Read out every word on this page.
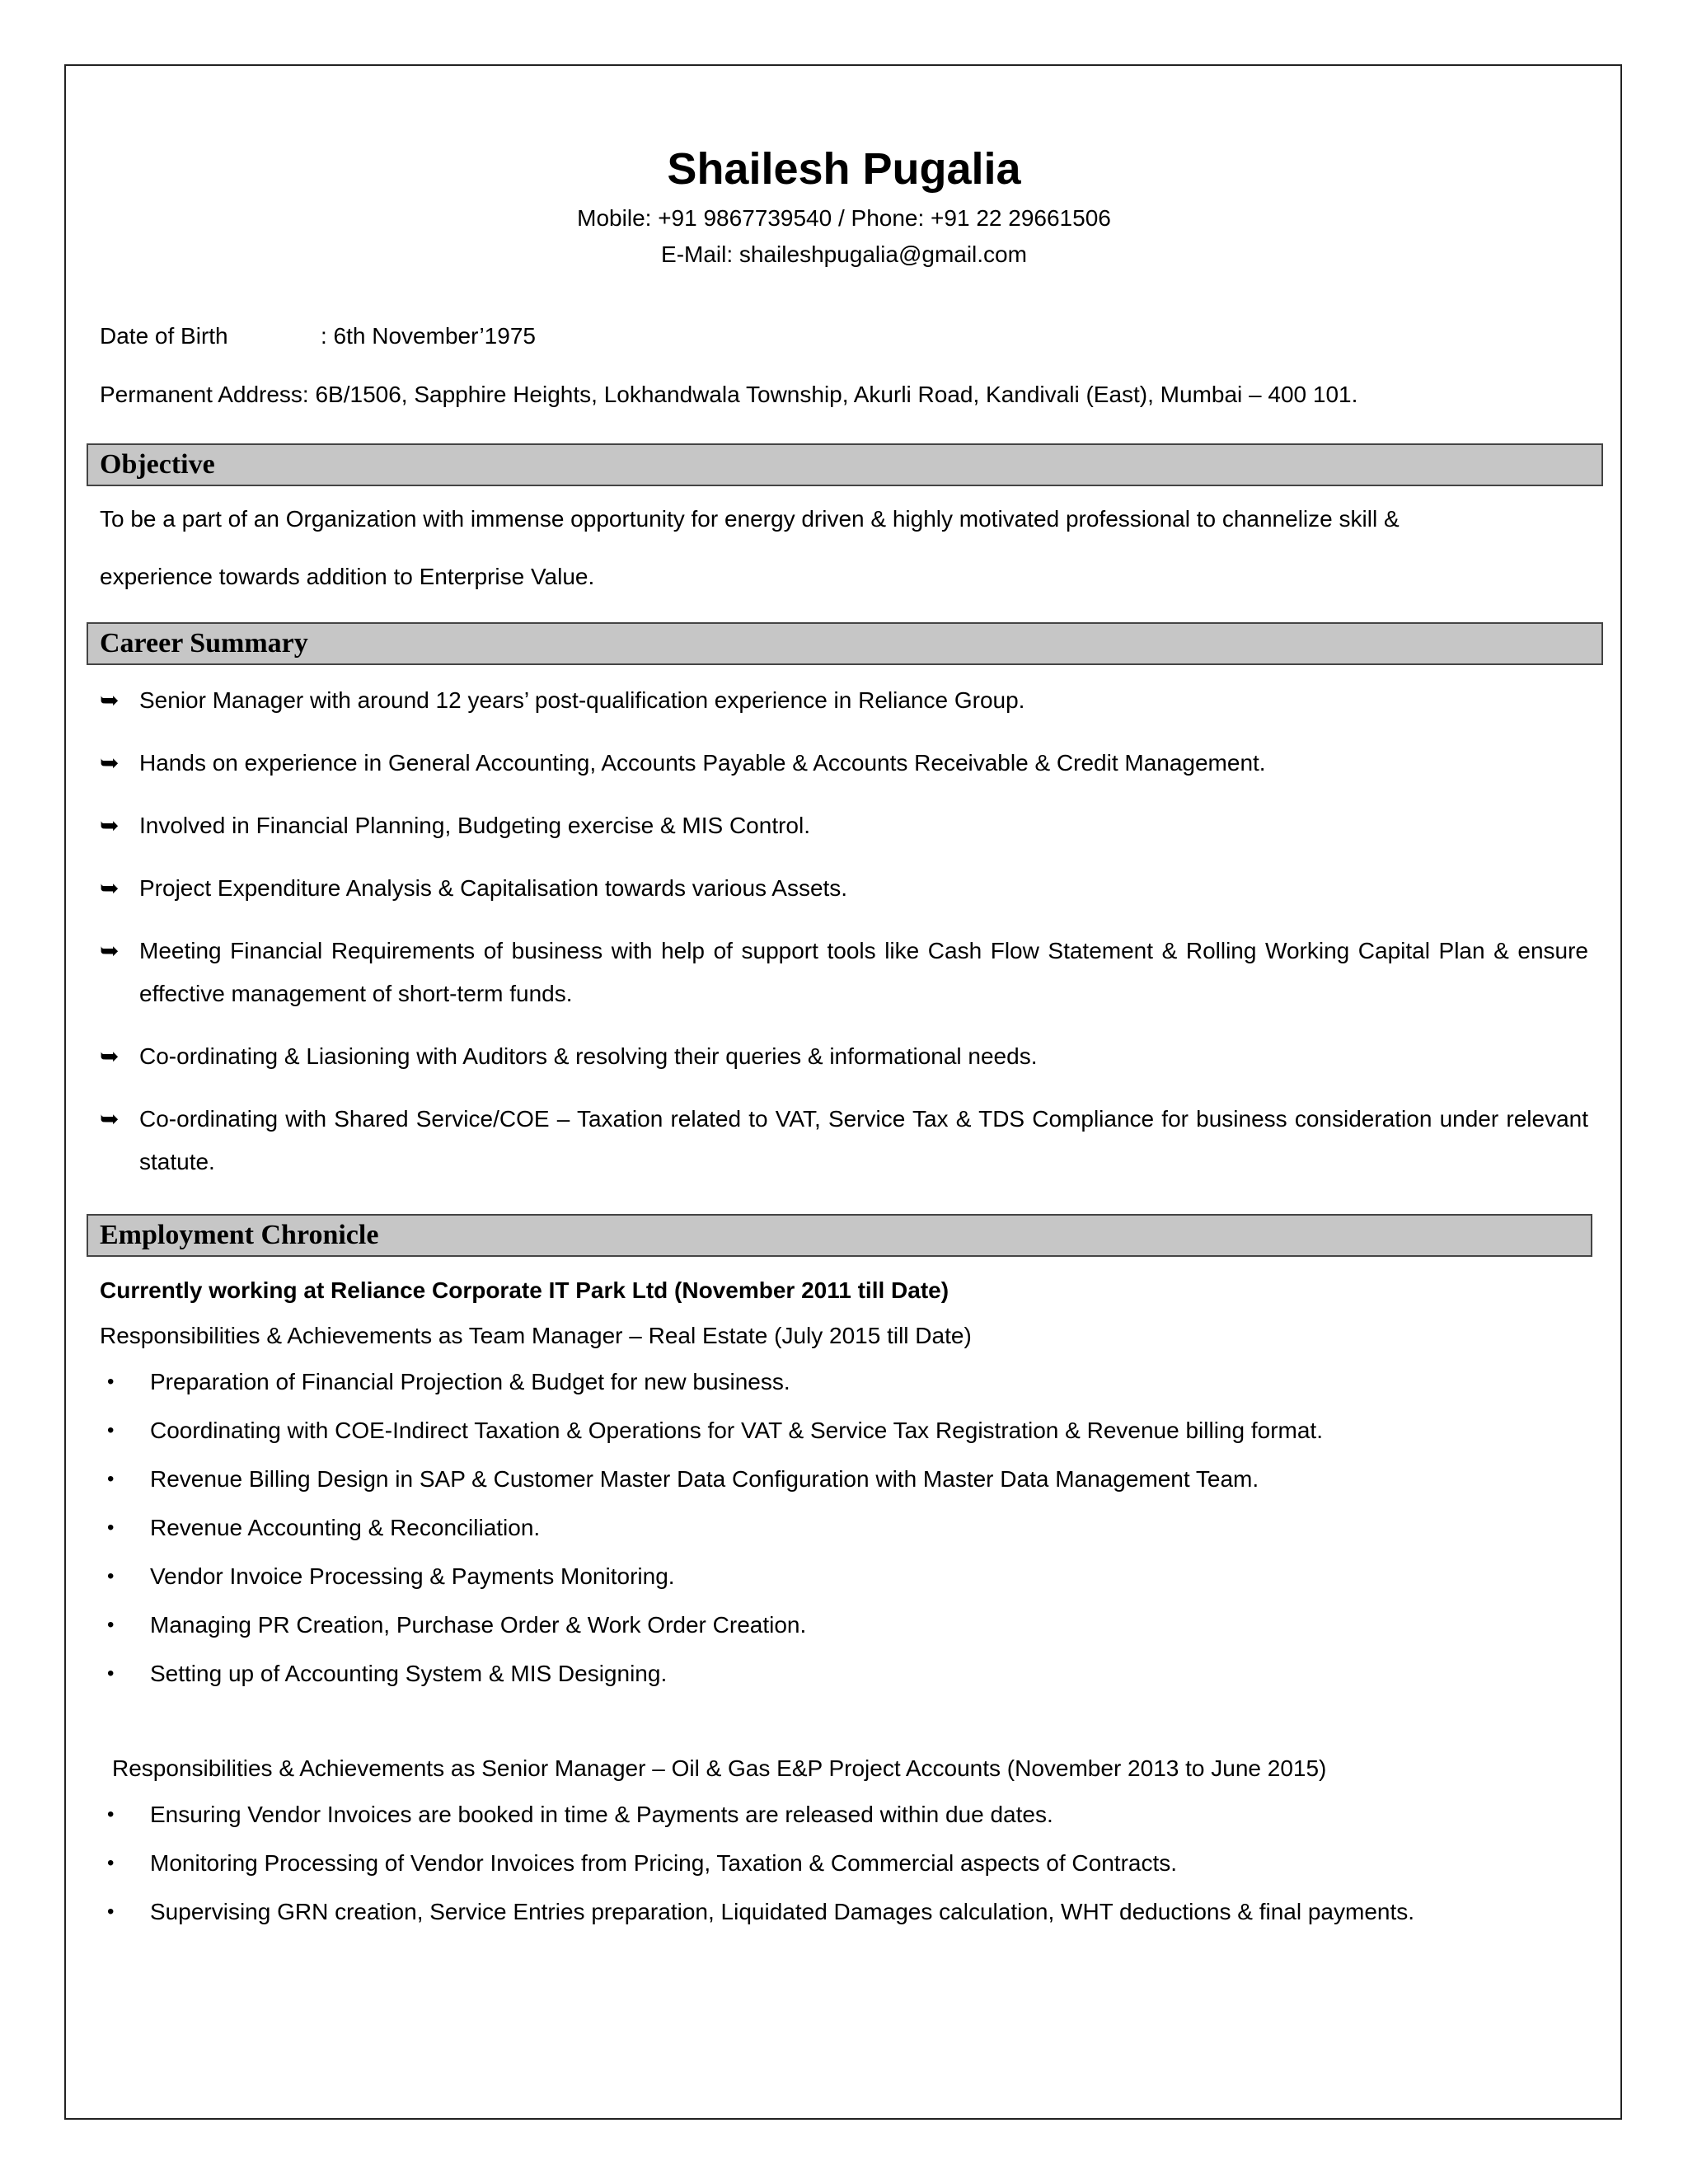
Shailesh Pugalia
Mobile: +91 9867739540 / Phone: +91 22 29661506
E-Mail: shaileshpugalia@gmail.com
Date of Birth	: 6th November’1975
Permanent Address: 6B/1506, Sapphire Heights, Lokhandwala Township, Akurli Road, Kandivali (East), Mumbai – 400 101.
Objective
To be a part of an Organization with immense opportunity for energy driven & highly motivated professional to channelize skill &
experience towards addition to Enterprise Value.
Career Summary
➥ Senior Manager with around 12 years’ post-qualification experience in Reliance Group.
➥ Hands on experience in General Accounting, Accounts Payable & Accounts Receivable & Credit Management.
➥ Involved in Financial Planning, Budgeting exercise & MIS Control.
➥ Project Expenditure Analysis & Capitalisation towards various Assets.
➥ Meeting Financial Requirements of business with help of support tools like Cash Flow Statement & Rolling Working Capital Plan & ensure effective management of short-term funds.
➥ Co-ordinating & Liasioning with Auditors & resolving their queries & informational needs.
➥ Co-ordinating with Shared Service/COE – Taxation related to VAT, Service Tax & TDS Compliance for business consideration under relevant statute.
Employment Chronicle
Currently working at Reliance Corporate IT Park Ltd (November 2011 till Date)
Responsibilities & Achievements as Team Manager – Real Estate (July 2015 till Date)
• Preparation of Financial Projection & Budget for new business.
• Coordinating with COE-Indirect Taxation & Operations for VAT & Service Tax Registration & Revenue billing format.
• Revenue Billing Design in SAP & Customer Master Data Configuration with Master Data Management Team.
• Revenue Accounting & Reconciliation.
• Vendor Invoice Processing & Payments Monitoring.
• Managing PR Creation, Purchase Order & Work Order Creation.
• Setting up of Accounting System & MIS Designing.
Responsibilities & Achievements as Senior Manager – Oil & Gas E&P Project Accounts (November 2013 to June 2015)
• Ensuring Vendor Invoices are booked in time & Payments are released within due dates.
• Monitoring Processing of Vendor Invoices from Pricing, Taxation & Commercial aspects of Contracts.
• Supervising GRN creation, Service Entries preparation, Liquidated Damages calculation, WHT deductions & final payments.
